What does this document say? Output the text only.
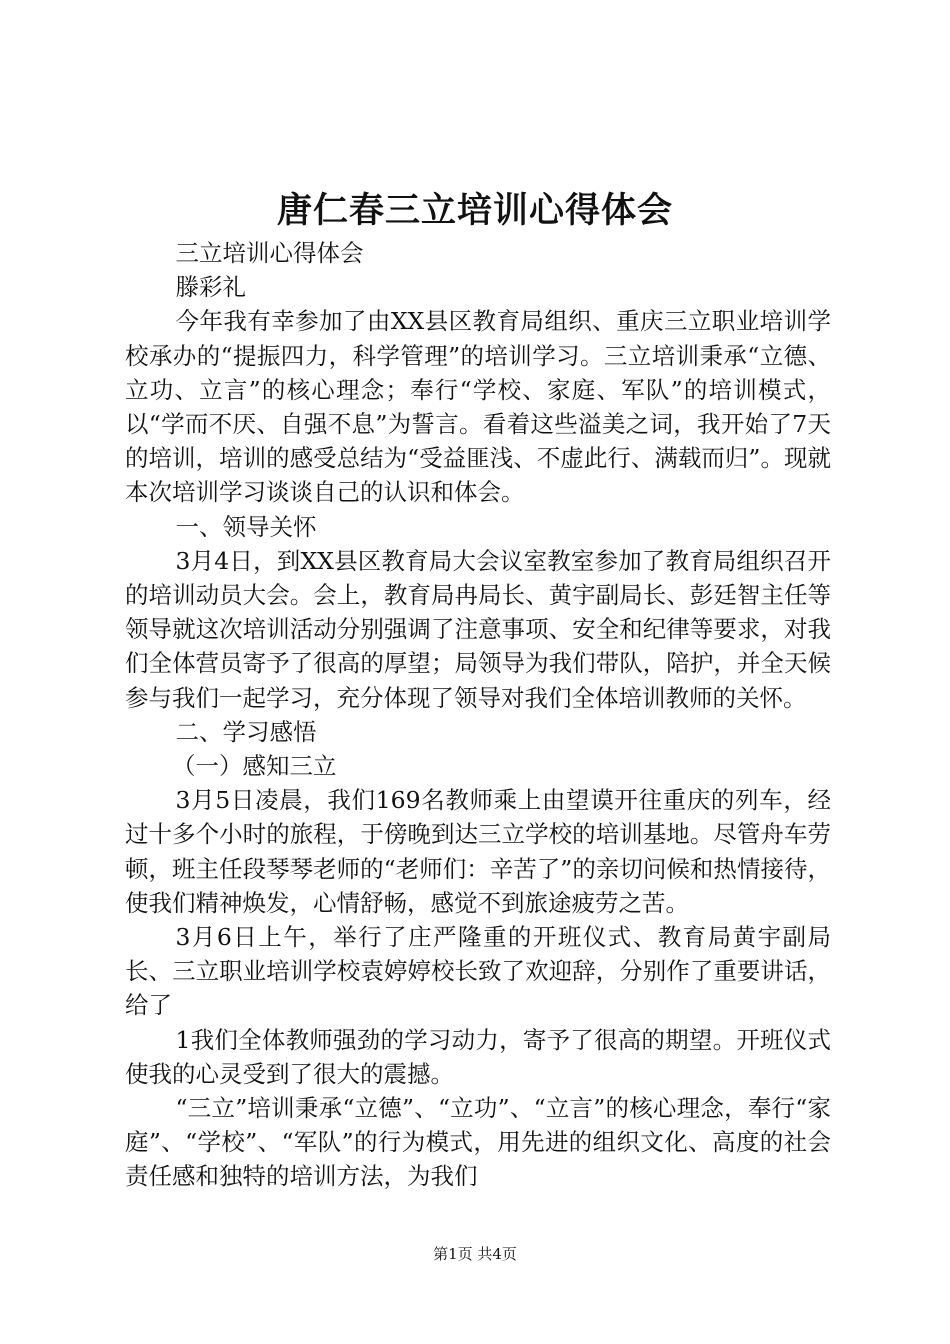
唐仁春三立培训心得体会

三立培训心得体会

滕彩礼

今年我有幸参加了由XX县区教育局组织、重庆三立职业培训学校承办的“提振四力，科学管理”的培训学习。三立培训秉承“立德、立功、立言”的核心理念；奉行“学校、家庭、军队”的培训模式，以“学而不厌、自强不息”为誓言。看着这些溢美之词，我开始了7天的培训，培训的感受总结为“受益匪浅、不虚此行、满载而归”。现就本次培训学习谈谈自己的认识和体会。

一、领导关怀

3月4日，到XX县区教育局大会议室教室参加了教育局组织召开的培训动员大会。会上，教育局冉局长、黄宇副局长、彭廷智主任等领导就这次培训活动分别强调了注意事项、安全和纪律等要求，对我们全体营员寄予了很高的厚望；局领导为我们带队，陪护，并全天候参与我们一起学习，充分体现了领导对我们全体培训教师的关怀。

二、学习感悟

（一）感知三立

3月5日凌晨，我们169名教师乘上由望谟开往重庆的列车，经过十多个小时的旅程，于傍晚到达三立学校的培训基地。尽管舟车劳顿，班主任段琴琴老师的“老师们：辛苦了”的亲切问候和热情接待，使我们精神焕发，心情舒畅，感觉不到旅途疲劳之苦。

3月6日上午，举行了庄严隆重的开班仪式、教育局黄宇副局长、三立职业培训学校袁婷婷校长致了欢迎辞，分别作了重要讲话，给了

1我们全体教师强劲的学习动力，寄予了很高的期望。开班仪式使我的心灵受到了很大的震撼。

“三立”培训秉承“立德”、“立功”、“立言”的核心理念，奉行“家庭”、“学校”、“军队”的行为模式，用先进的组织文化、高度的社会责任感和独特的培训方法，为我们

第1页 共4页
